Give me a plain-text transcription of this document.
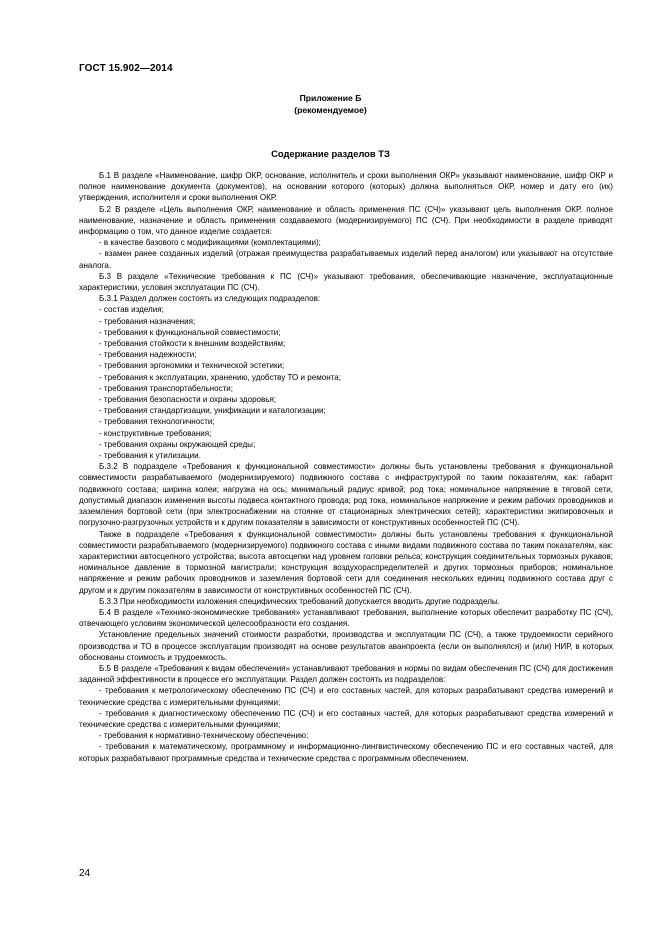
ГОСТ 15.902—2014
Приложение Б
(рекомендуемое)
Содержание разделов ТЗ

Б.1 В разделе «Наименование, шифр ОКР, основание, исполнитель и сроки выполнения ОКР» указывают наименование, шифр ОКР и полное наименование документа (документов), на основании которого (которых) должна выполняться ОКР, номер и дату его (их) утверждения, исполнителя и сроки выполнения ОКР.

Б.2 В разделе «Цель выполнения ОКР, наименование и область применения ПС (СЧ)» указывают цель выполнения ОКР, полное наименование, назначение и область применения создаваемого (модернизируемого) ПС (СЧ). При необходимости в разделе приводят информацию о том, что данное изделие создается:

- в качестве базового с модификациями (комплектациями);

- взамен ранее созданных изделий (отражая преимущества разрабатываемых изделий перед аналогом) или указывают на отсутствие аналога.

Б.3 В разделе «Технические требования к ПС (СЧ)» указывают требования, обеспечивающие назначение, эксплуатационные характеристики, условия эксплуатации ПС (СЧ).

Б.3.1 Раздел должен состоять из следующих подразделов:

- состав изделия;

- требования назначения;

- требования к функциональной совместимости;

- требования стойкости к внешним воздействиям;

- требования надежности;

- требования эргономики и технической эстетики;

- требования к эксплуатации, хранению, удобству ТО и ремонта;

- требования транспортабельности;

- требования безопасности и охраны здоровья;

- требования стандартизации, унификации и каталогизации;

- требования технологичности;

- конструктивные требования;

- требования охраны окружающей среды;

- требования к утилизации.

Б.3.2 В подразделе «Требования к функциональной совместимости» должны быть установлены требования к функциональной совместимости разрабатываемого (модернизируемого) подвижного состава с инфраструктурой по таким показателям, как: габарит подвижного состава; ширина колеи; нагрузка на ось; минимальный радиус кривой; род тока; номинальное напряжение в тяговой сети, допустимый диапазон изменения высоты подвеса контактного провода; род тока, номинальное напряжение и режим рабочих проводников и заземления бортовой сети (при электроснабжении на стоянке от стационарных электрических сетей); характеристики экипировочных и погрузочно-разгрузочных устройств и к другим показателям в зависимости от конструктивных особенностей ПС (СЧ).

Также в подразделе «Требования к функциональной совместимости» должны быть установлены требования к функциональной совместимости разрабатываемого (модернизируемого) подвижного состава с иными видами подвижного состава по таким показателям, как: характеристики автосцепного устройства; высота автосцепки над уровнем головки рельса; конструкция соединительных тормозных рукавов; номинальное давление в тормозной магистрали; конструкция воздухораспределителей и других тормозных приборов; номинальное напряжение и режим рабочих проводников и заземления бортовой сети для соединения нескольких единиц подвижного состава друг с другом и к другим показателям в зависимости от конструктивных особенностей ПС (СЧ).

Б.3.3 При необходимости изложения специфических требований допускается вводить другие подразделы.

Б.4 В разделе «Технико-экономические требования» устанавливают требования, выполнение которых обеспечит разработку ПС (СЧ), отвечающего условиям экономической целесообразности его создания.

Установление предельных значений стоимости разработки, производства и эксплуатации ПС (СЧ), а также трудоемкости серийного производства и ТО в процессе эксплуатации производят на основе результатов аванпроекта (если он выполнялся) и (или) НИР, в которых обоснованы стоимость и трудоемкость.

Б.5 В разделе «Требования к видам обеспечения» устанавливают требования и нормы по видам обеспечения ПС (СЧ) для достижения заданной эффективности в процессе его эксплуатации. Раздел должен состоять из подразделов:

- требования к метрологическому обеспечению ПС (СЧ) и его составных частей, для которых разрабатывают средства измерений и технические средства с измерительными функциями;

- требования к диагностическому обеспечению ПС (СЧ) и его составных частей, для которых разрабатывают средства измерений и технические средства с измерительными функциями;

- требования к нормативно-техническому обеспечению;

- требования к математическому, программному и информационно-лингвистическому обеспечению ПС и его составных частей, для которых разрабатывают программные средства и технические средства с программным обеспечением.

24
